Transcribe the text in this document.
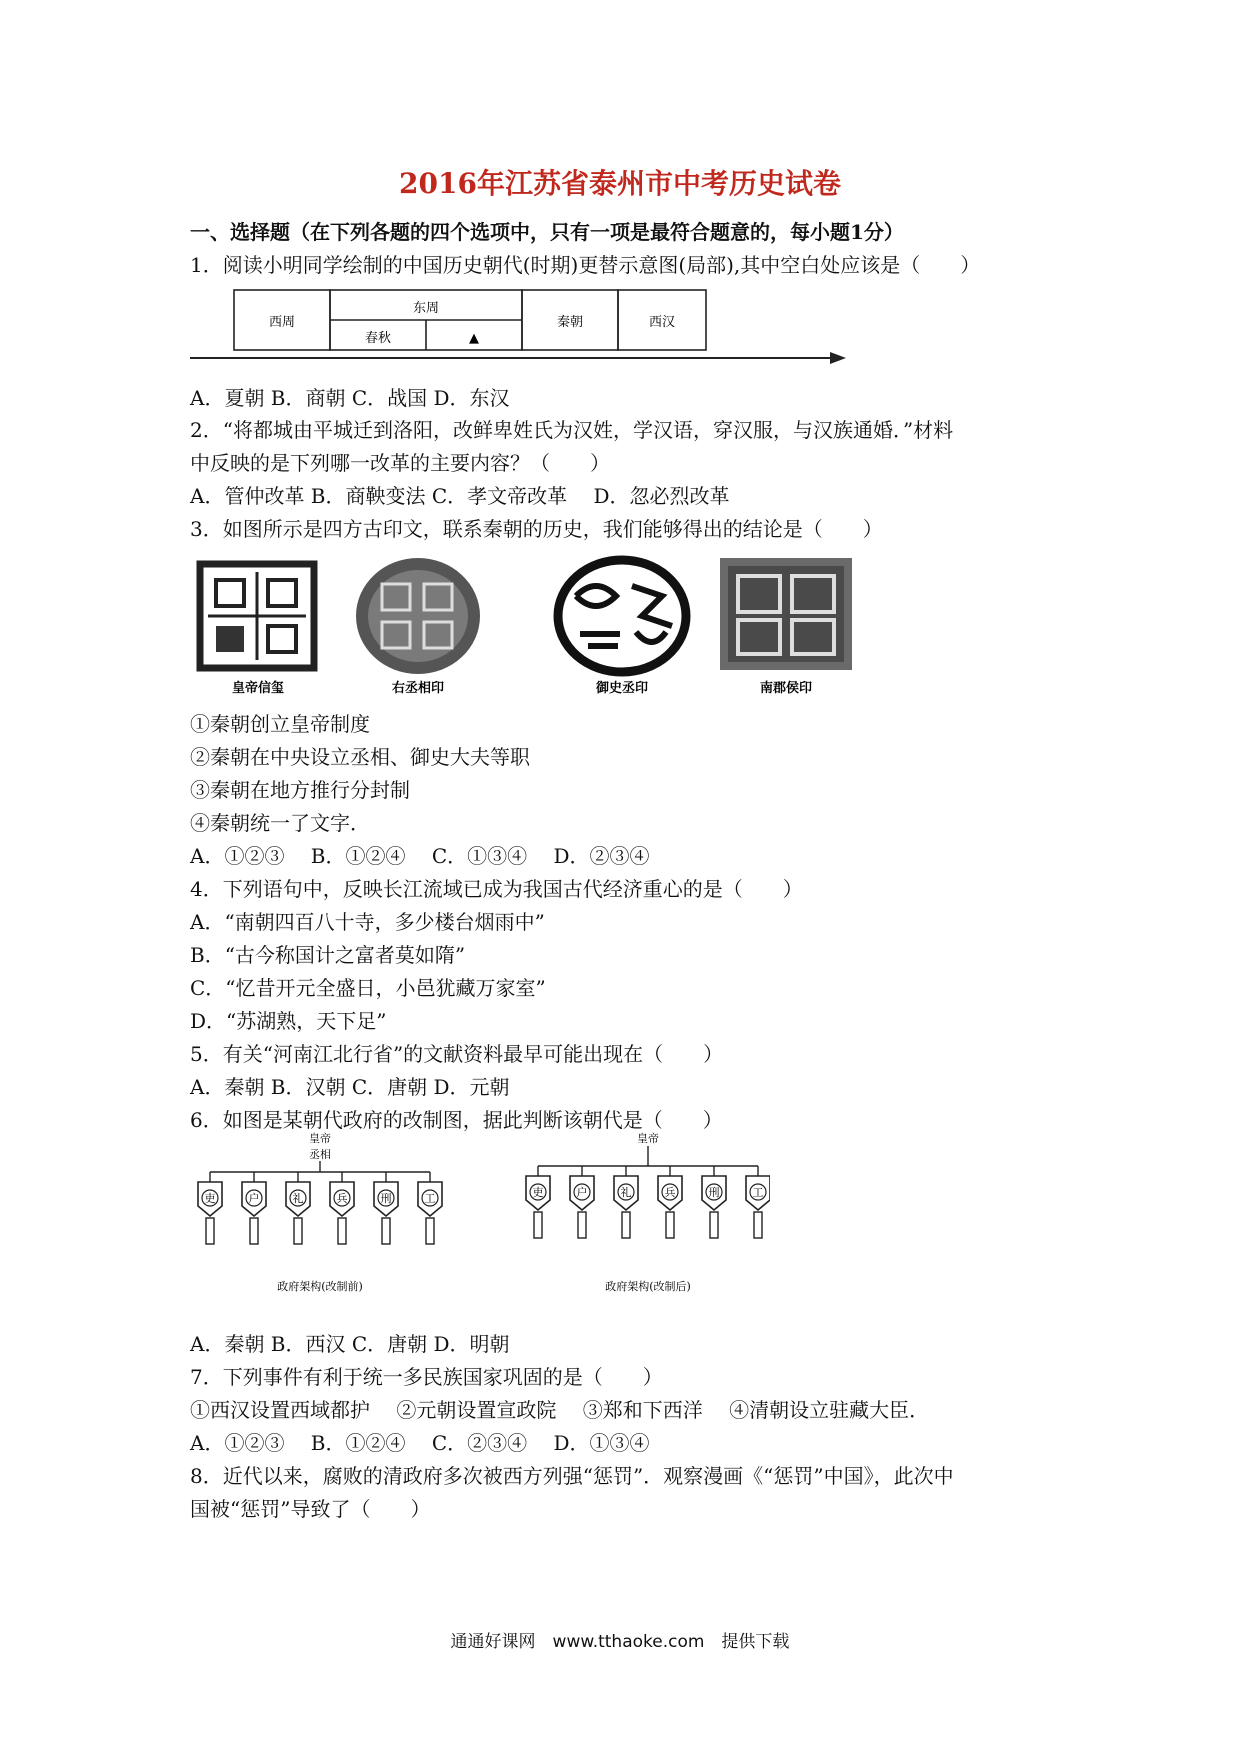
2016年江苏省泰州市中考历史试卷
一、选择题（在下列各题的四个选项中，只有一项是最符合题意的，每小题1分）
1．阅读小明同学绘制的中国历史朝代(时期)更替示意图(局部),其中空白处应该是（　　）
西周
东周
春秋	▲
秦朝	西汉
A．夏朝 B．商朝 C．战国 D．东汉
2．“将都城由平城迁到洛阳，改鲜卑姓氏为汉姓，学汉语，穿汉服，与汉族通婚．”材料
中反映的是下列哪一改革的主要内容？（　　）
A．管仲改革 B．商鞅变法 C．孝文帝改革　 D．忽必烈改革
3．如图所示是四方古印文，联系秦朝的历史，我们能够得出的结论是（　　）
皇帝信玺	右丞相印	御史丞印	南郡侯印
①秦朝创立皇帝制度
②秦朝在中央设立丞相、御史大夫等职
③秦朝在地方推行分封制
④秦朝统一了文字．
A．①②③　 B．①②④　 C．①③④　 D．②③④
4．下列语句中，反映长江流域已成为我国古代经济重心的是（　　）
A．“南朝四百八十寺，多少楼台烟雨中”
B．“古今称国计之富者莫如隋”
C．“忆昔开元全盛日，小邑犹藏万家室”
D．“苏湖熟，天下足”
5．有关“河南江北行省”的文献资料最早可能出现在（　　）
A．秦朝 B．汉朝 C．唐朝 D．元朝
6．如图是某朝代政府的改制图，据此判断该朝代是（　　）
皇帝
丞相
吏	户	礼	兵	刑	工
政府架构(改制前)
皇帝
吏	户	礼	兵	刑	工
政府架构(改制后)
A．秦朝 B．西汉 C．唐朝 D．明朝
7．下列事件有利于统一多民族国家巩固的是（　　）
①西汉设置西域都护　 ②元朝设置宣政院　 ③郑和下西洋　 ④清朝设立驻藏大臣．
A．①②③　 B．①②④　 C．②③④　 D．①③④
8．近代以来，腐败的清政府多次被西方列强“惩罚”．观察漫画《“惩罚”中国》，此次中
国被“惩罚”导致了（　　）
通通好课网　www.tthaoke.com　提供下载
